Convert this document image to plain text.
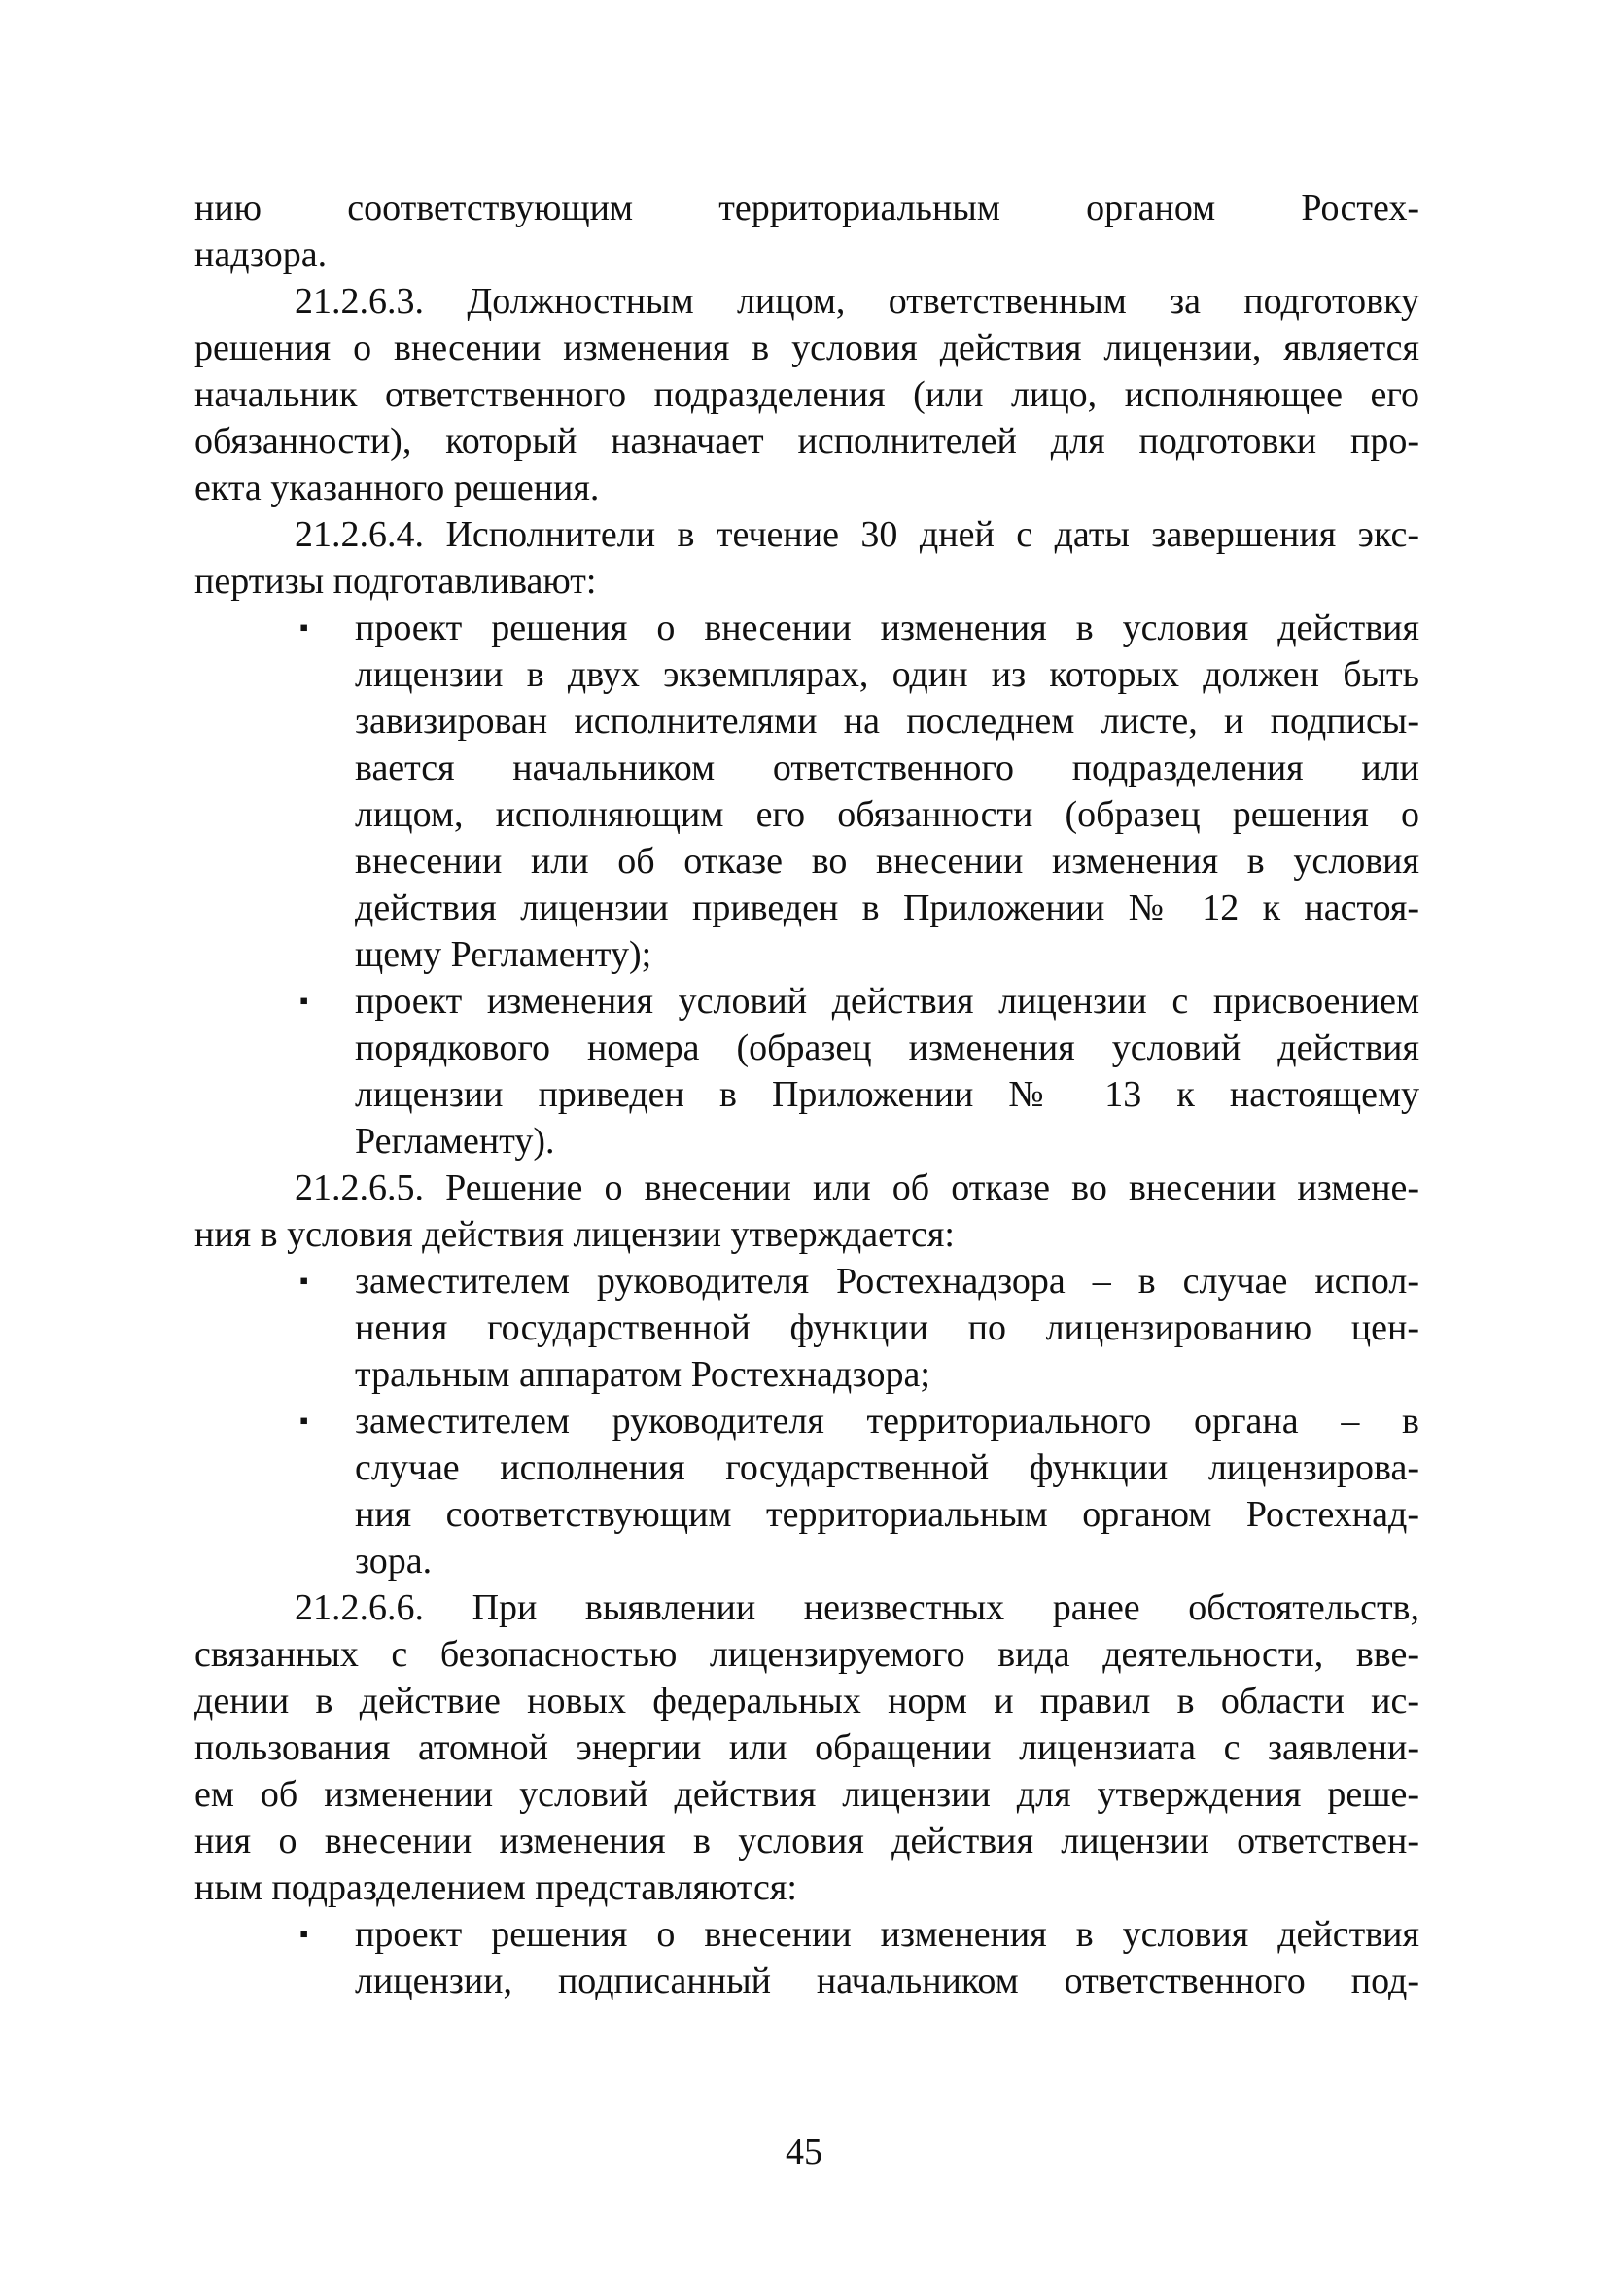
нию соответствующим территориальным органом Ростех-
надзора.
21.2.6.3. Должностным лицом, ответственным за подготовку
решения о внесении изменения в условия действия лицензии, является
начальник ответственного подразделения (или лицо, исполняющее его
обязанности), который назначает исполнителей для подготовки про-
екта указанного решения.
21.2.6.4. Исполнители в течение 30 дней с даты завершения экс-
пертизы подготавливают:
▪ проект решения о внесении изменения в условия действия
лицензии в двух экземплярах, один из которых должен быть
завизирован исполнителями на последнем листе, и подписы-
вается начальником ответственного подразделения или
лицом, исполняющим его обязанности (образец решения о
внесении или об отказе во внесении изменения в условия
действия лицензии приведен в Приложении № 12 к настоя-
щему Регламенту);
▪ проект изменения условий действия лицензии с присвоением
порядкового номера (образец изменения условий действия
лицензии приведен в Приложении № 13 к настоящему
Регламенту).
21.2.6.5. Решение о внесении или об отказе во внесении измене-
ния в условия действия лицензии утверждается:
▪ заместителем руководителя Ростехнадзора – в случае испол-
нения государственной функции по лицензированию цен-
тральным аппаратом Ростехнадзора;
▪ заместителем руководителя территориального органа – в
случае исполнения государственной функции лицензирова-
ния соответствующим территориальным органом Ростехнад-
зора.
21.2.6.6. При выявлении неизвестных ранее обстоятельств,
связанных с безопасностью лицензируемого вида деятельности, вве-
дении в действие новых федеральных норм и правил в области ис-
пользования атомной энергии или обращении лицензиата с заявлени-
ем об изменении условий действия лицензии для утверждения реше-
ния о внесении изменения в условия действия лицензии ответствен-
ным подразделением представляются:
▪ проект решения о внесении изменения в условия действия
лицензии, подписанный начальником ответственного под-
45
